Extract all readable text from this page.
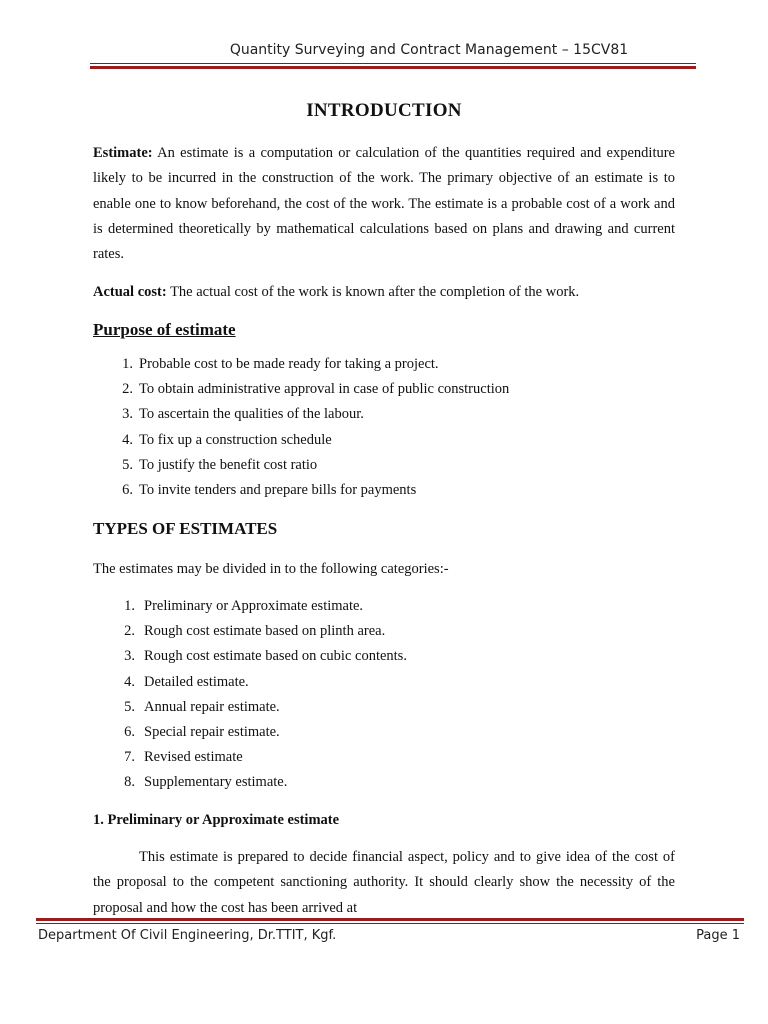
Quantity Surveying and Contract Management – 15CV81
INTRODUCTION

Estimate: An estimate is a computation or calculation of the quantities required and expenditure likely to be incurred in the construction of the work. The primary objective of an estimate is to enable one to know beforehand, the cost of the work. The estimate is a probable cost of a work and is determined theoretically by mathematical calculations based on plans and drawing and current rates.

Actual cost: The actual cost of the work is known after the completion of the work.

Purpose of estimate
1. Probable cost to be made ready for taking a project.
2. To obtain administrative approval in case of public construction
3. To ascertain the qualities of the labour.
4. To fix up a construction schedule
5. To justify the benefit cost ratio
6. To invite tenders and prepare bills for payments
TYPES OF ESTIMATES
The estimates may be divided in to the following categories:-
1. Preliminary or Approximate estimate.
2. Rough cost estimate based on plinth area.
3. Rough cost estimate based on cubic contents.
4. Detailed estimate.
5. Annual repair estimate.
6. Special repair estimate.
7. Revised estimate
8. Supplementary estimate.
1. Preliminary or Approximate estimate

This estimate is prepared to decide financial aspect, policy and to give idea of the cost of the proposal to the competent sanctioning authority. It should clearly show the necessity of the proposal and how the cost has been arrived at

Department Of Civil Engineering, Dr.TTIT, Kgf.	Page 1
